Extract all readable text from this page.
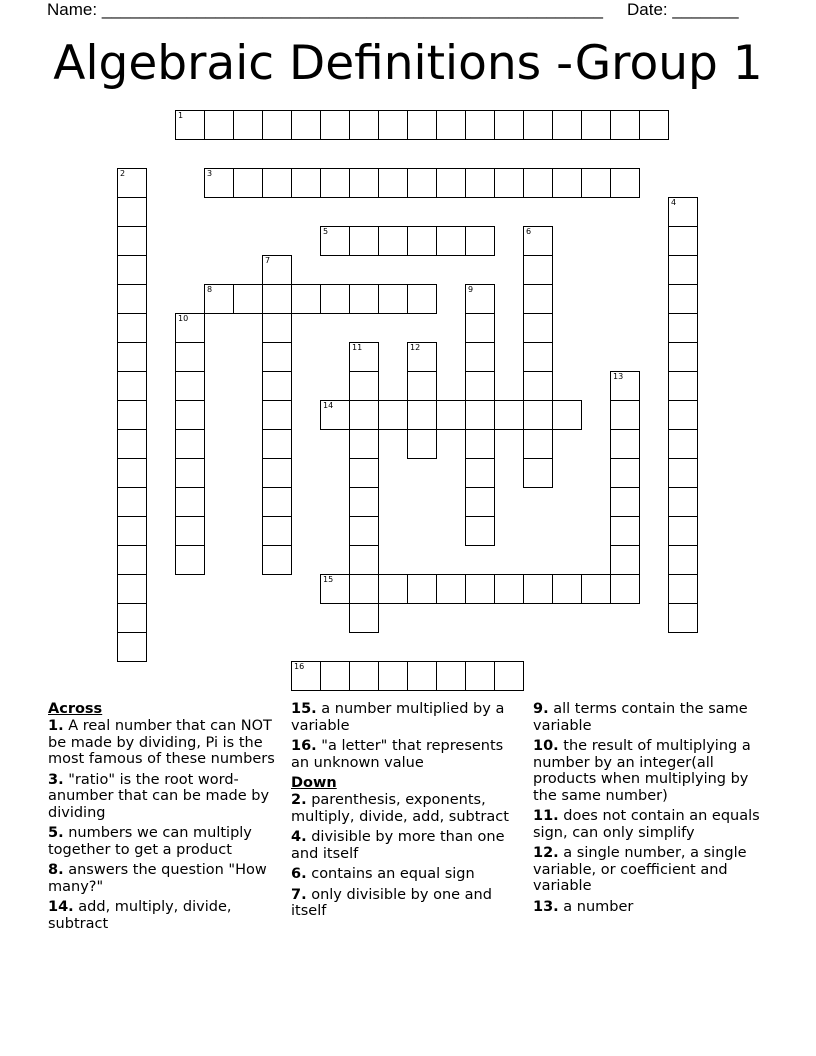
Name: _____________________________________________________ Date: _______
Algebraic Definitions -Group 1
1
2	3
4
5	6
7
8	9
10
11	12
13
14
15
16
Across

1. A real number that can NOT be made by dividing, Pi is the most famous of these numbers

3. "ratio" is the root word- anumber that can be made by dividing

5. numbers we can multiply together to get a product

8. answers the question "How many?"

14. add, multiply, divide, subtract

15. a number multiplied by a variable

16. "a letter" that represents an unknown value

Down

2. parenthesis, exponents, multiply, divide, add, subtract

4. divisible by more than one and itself

6. contains an equal sign

7. only divisible by one and itself

9. all terms contain the same variable

10. the result of multiplying a number by an integer(all products when multiplying by the same number)

11. does not contain an equals sign, can only simplify

12. a single number, a single variable, or coefficient and variable

13. a number
